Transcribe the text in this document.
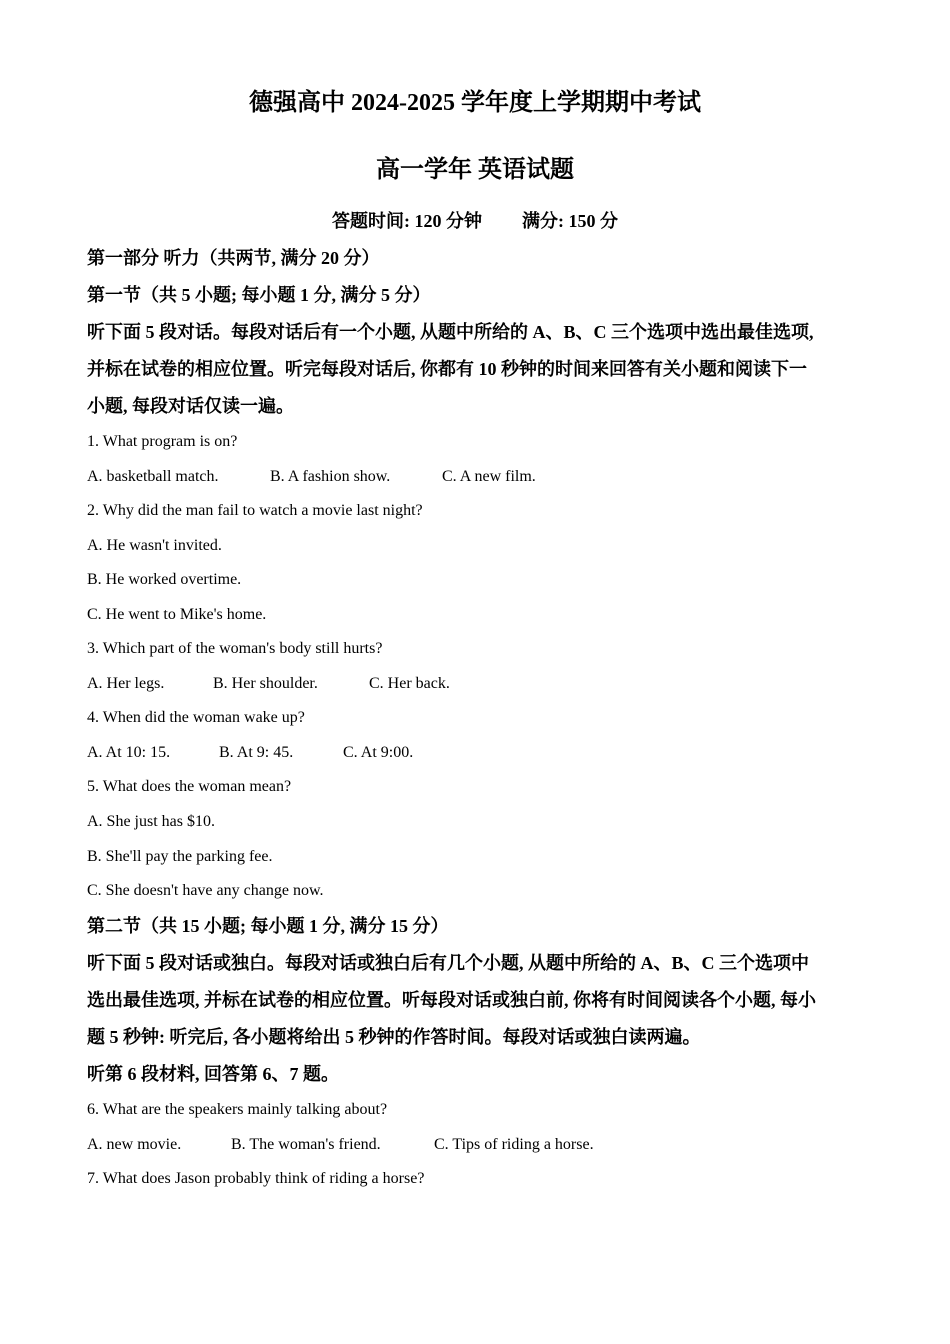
德强高中 2024-2025 学年度上学期期中考试
高一学年 英语试题
答题时间: 120 分钟 满分: 150 分
第一部分 听力（共两节, 满分 20 分）
第一节（共 5 小题; 每小题 1 分, 满分 5 分）
听下面 5 段对话。每段对话后有一个小题, 从题中所给的 A、B、C 三个选项中选出最佳选项,
并标在试卷的相应位置。听完每段对话后, 你都有 10 秒钟的时间来回答有关小题和阅读下一
小题, 每段对话仅读一遍。
1. What program is on?
A. basketball match.	B. A fashion show.	C. A new film.
2. Why did the man fail to watch a movie last night?
A. He wasn't invited.
B. He worked overtime.
C. He went to Mike's home.
3. Which part of the woman's body still hurts?
A. Her legs.	B. Her shoulder.	C. Her back.
4. When did the woman wake up?
A. At 10: 15.	B. At 9: 45.	C. At 9:00.
5. What does the woman mean?
A. She just has $10.
B. She'll pay the parking fee.
C. She doesn't have any change now.
第二节（共 15 小题; 每小题 1 分, 满分 15 分）
听下面 5 段对话或独白。每段对话或独白后有几个小题, 从题中所给的 A、B、C 三个选项中
选出最佳选项, 并标在试卷的相应位置。听每段对话或独白前, 你将有时间阅读各个小题, 每小
题 5 秒钟: 听完后, 各小题将给出 5 秒钟的作答时间。每段对话或独白读两遍。
听第 6 段材料, 回答第 6、7 题。
6. What are the speakers mainly talking about?
A. new movie.	B. The woman's friend.	C. Tips of riding a horse.
7. What does Jason probably think of riding a horse?
